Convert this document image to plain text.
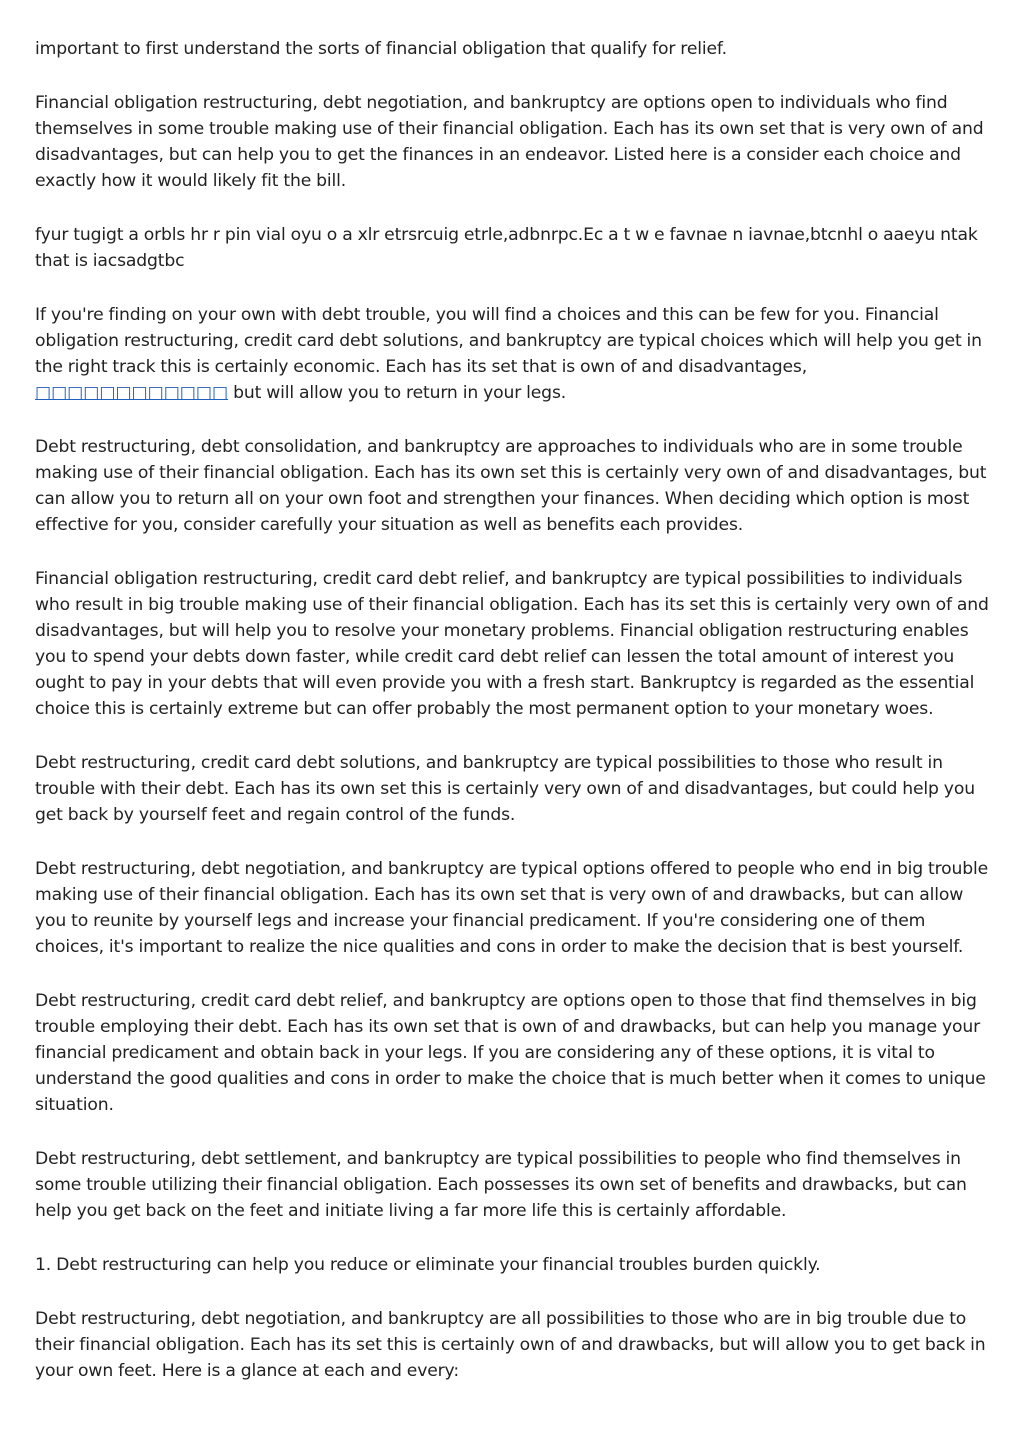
important to first understand the sorts of financial obligation that qualify for relief.

Financial obligation restructuring, debt negotiation, and bankruptcy are options open to individuals who find themselves in some trouble making use of their financial obligation. Each has its own set that is very own of and disadvantages, but can help you to get the finances in an endeavor. Listed here is a consider each choice and exactly how it would likely fit the bill.

fyur tugigt a orbls hr r pin vial oyu o a xlr etrsrcuig etrle,adbnrpc.Ec a t w e favnae n iavnae,btcnhl o aaeyu ntak that is iacsadgtbc

If you're finding on your own with debt trouble, you will find a choices and this can be few for you. Financial obligation restructuring, credit card debt solutions, and bankruptcy are typical choices which will help you get in the right track this is certainly economic. Each has its set that is own of and disadvantages, □□□□□□□□□□□□ but will allow you to return in your legs.

Debt restructuring, debt consolidation, and bankruptcy are approaches to individuals who are in some trouble making use of their financial obligation. Each has its own set this is certainly very own of and disadvantages, but can allow you to return all on your own foot and strengthen your finances. When deciding which option is most effective for you, consider carefully your situation as well as benefits each provides.

Financial obligation restructuring, credit card debt relief, and bankruptcy are typical possibilities to individuals who result in big trouble making use of their financial obligation. Each has its set this is certainly very own of and disadvantages, but will help you to resolve your monetary problems. Financial obligation restructuring enables you to spend your debts down faster, while credit card debt relief can lessen the total amount of interest you ought to pay in your debts that will even provide you with a fresh start. Bankruptcy is regarded as the essential choice this is certainly extreme but can offer probably the most permanent option to your monetary woes.

Debt restructuring, credit card debt solutions, and bankruptcy are typical possibilities to those who result in trouble with their debt. Each has its own set this is certainly very own of and disadvantages, but could help you get back by yourself feet and regain control of the funds.

Debt restructuring, debt negotiation, and bankruptcy are typical options offered to people who end in big trouble making use of their financial obligation. Each has its own set that is very own of and drawbacks, but can allow you to reunite by yourself legs and increase your financial predicament. If you're considering one of them choices, it's important to realize the nice qualities and cons in order to make the decision that is best yourself.

Debt restructuring, credit card debt relief, and bankruptcy are options open to those that find themselves in big trouble employing their debt. Each has its own set that is own of and drawbacks, but can help you manage your financial predicament and obtain back in your legs. If you are considering any of these options, it is vital to understand the good qualities and cons in order to make the choice that is much better when it comes to unique situation.

Debt restructuring, debt settlement, and bankruptcy are typical possibilities to people who find themselves in some trouble utilizing their financial obligation. Each possesses its own set of benefits and drawbacks, but can help you get back on the feet and initiate living a far more life this is certainly affordable.

1. Debt restructuring can help you reduce or eliminate your financial troubles burden quickly.

Debt restructuring, debt negotiation, and bankruptcy are all possibilities to those who are in big trouble due to their financial obligation. Each has its set this is certainly own of and drawbacks, but will allow you to get back in your own feet. Here is a glance at each and every:
